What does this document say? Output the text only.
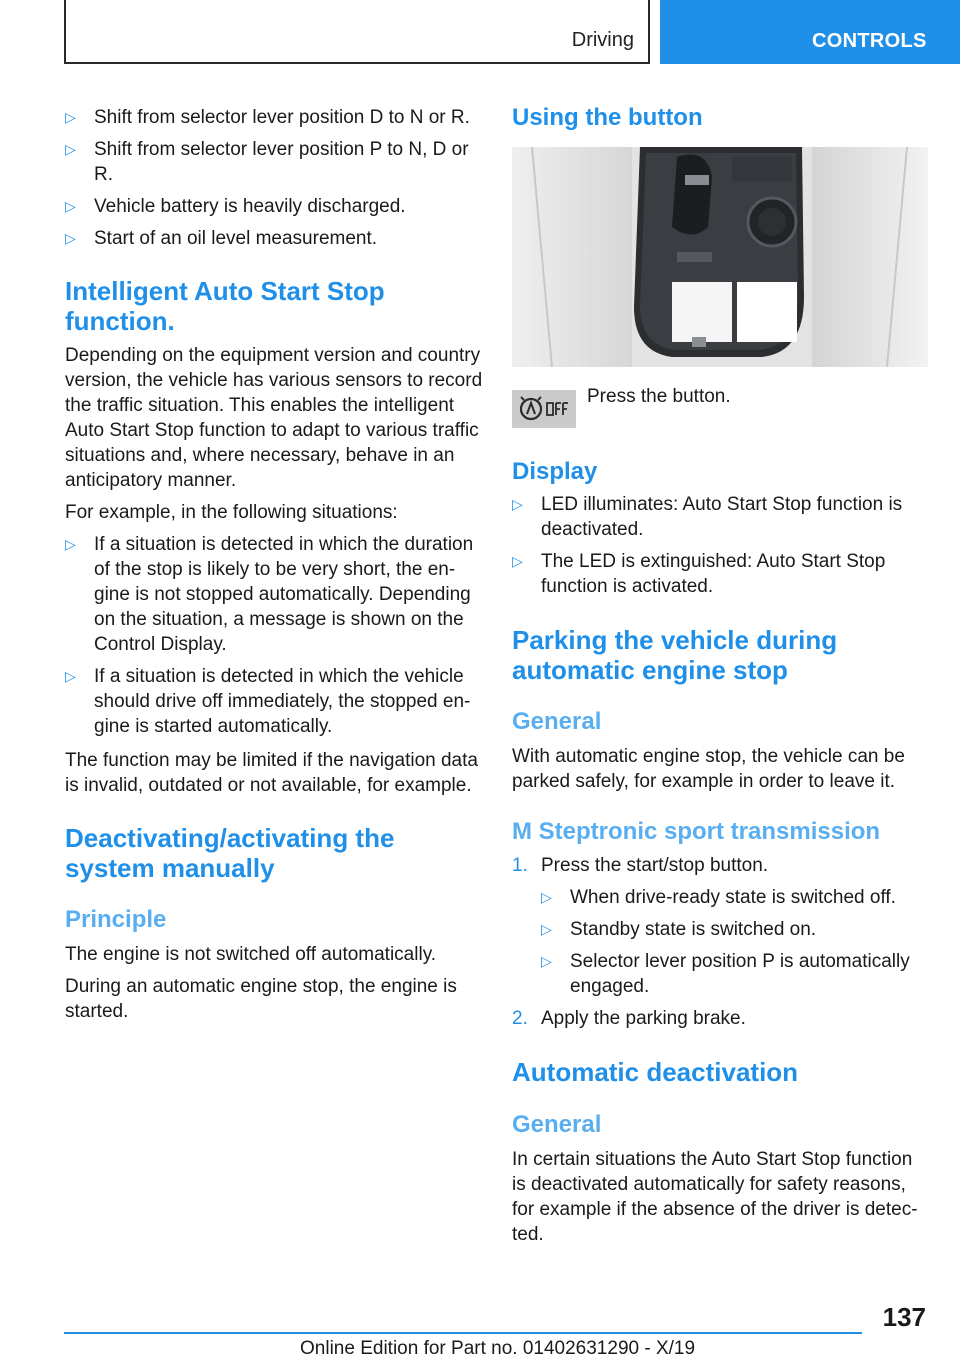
Driving	CONTROLS
▷ Shift from selector lever position D to N or R.
▷ Shift from selector lever position P to N, D or R.
▷ Vehicle battery is heavily discharged.
▷ Start of an oil level measurement.
Intelligent Auto Start Stop function.

Depending on the equipment version and country version, the vehicle has various sensors to record the traffic situation. This enables the intelligent Auto Start Stop function to adapt to various traffic situations and, where necessary, behave in an anticipatory manner.

For example, in the following situations:

▷ If a situation is detected in which the duration of the stop is likely to be very short, the engine is not stopped automatically. Depending on the situation, a message is shown on the Control Display.
▷ If a situation is detected in which the vehicle should drive off immediately, the stopped engine is started automatically.

The function may be limited if the navigation data is invalid, outdated or not available, for example.

Deactivating/activating the system manually
Principle

The engine is not switched off automatically.

During an automatic engine stop, the engine is started.

Using the button

Press the button.

Display
▷ LED illuminates: Auto Start Stop function is deactivated.
▷ The LED is extinguished: Auto Start Stop function is activated.
Parking the vehicle during automatic engine stop
General

With automatic engine stop, the vehicle can be parked safely, for example in order to leave it.

M Steptronic sport transmission
1. Press the start/stop button.
▷ When drive-ready state is switched off.
▷ Standby state is switched on.
▷ Selector lever position P is automatically engaged.
2. Apply the parking brake.
Automatic deactivation
General

In certain situations the Auto Start Stop function is deactivated automatically for safety reasons, for example if the absence of the driver is detected.

137
Online Edition for Part no. 01402631290 - X/19
